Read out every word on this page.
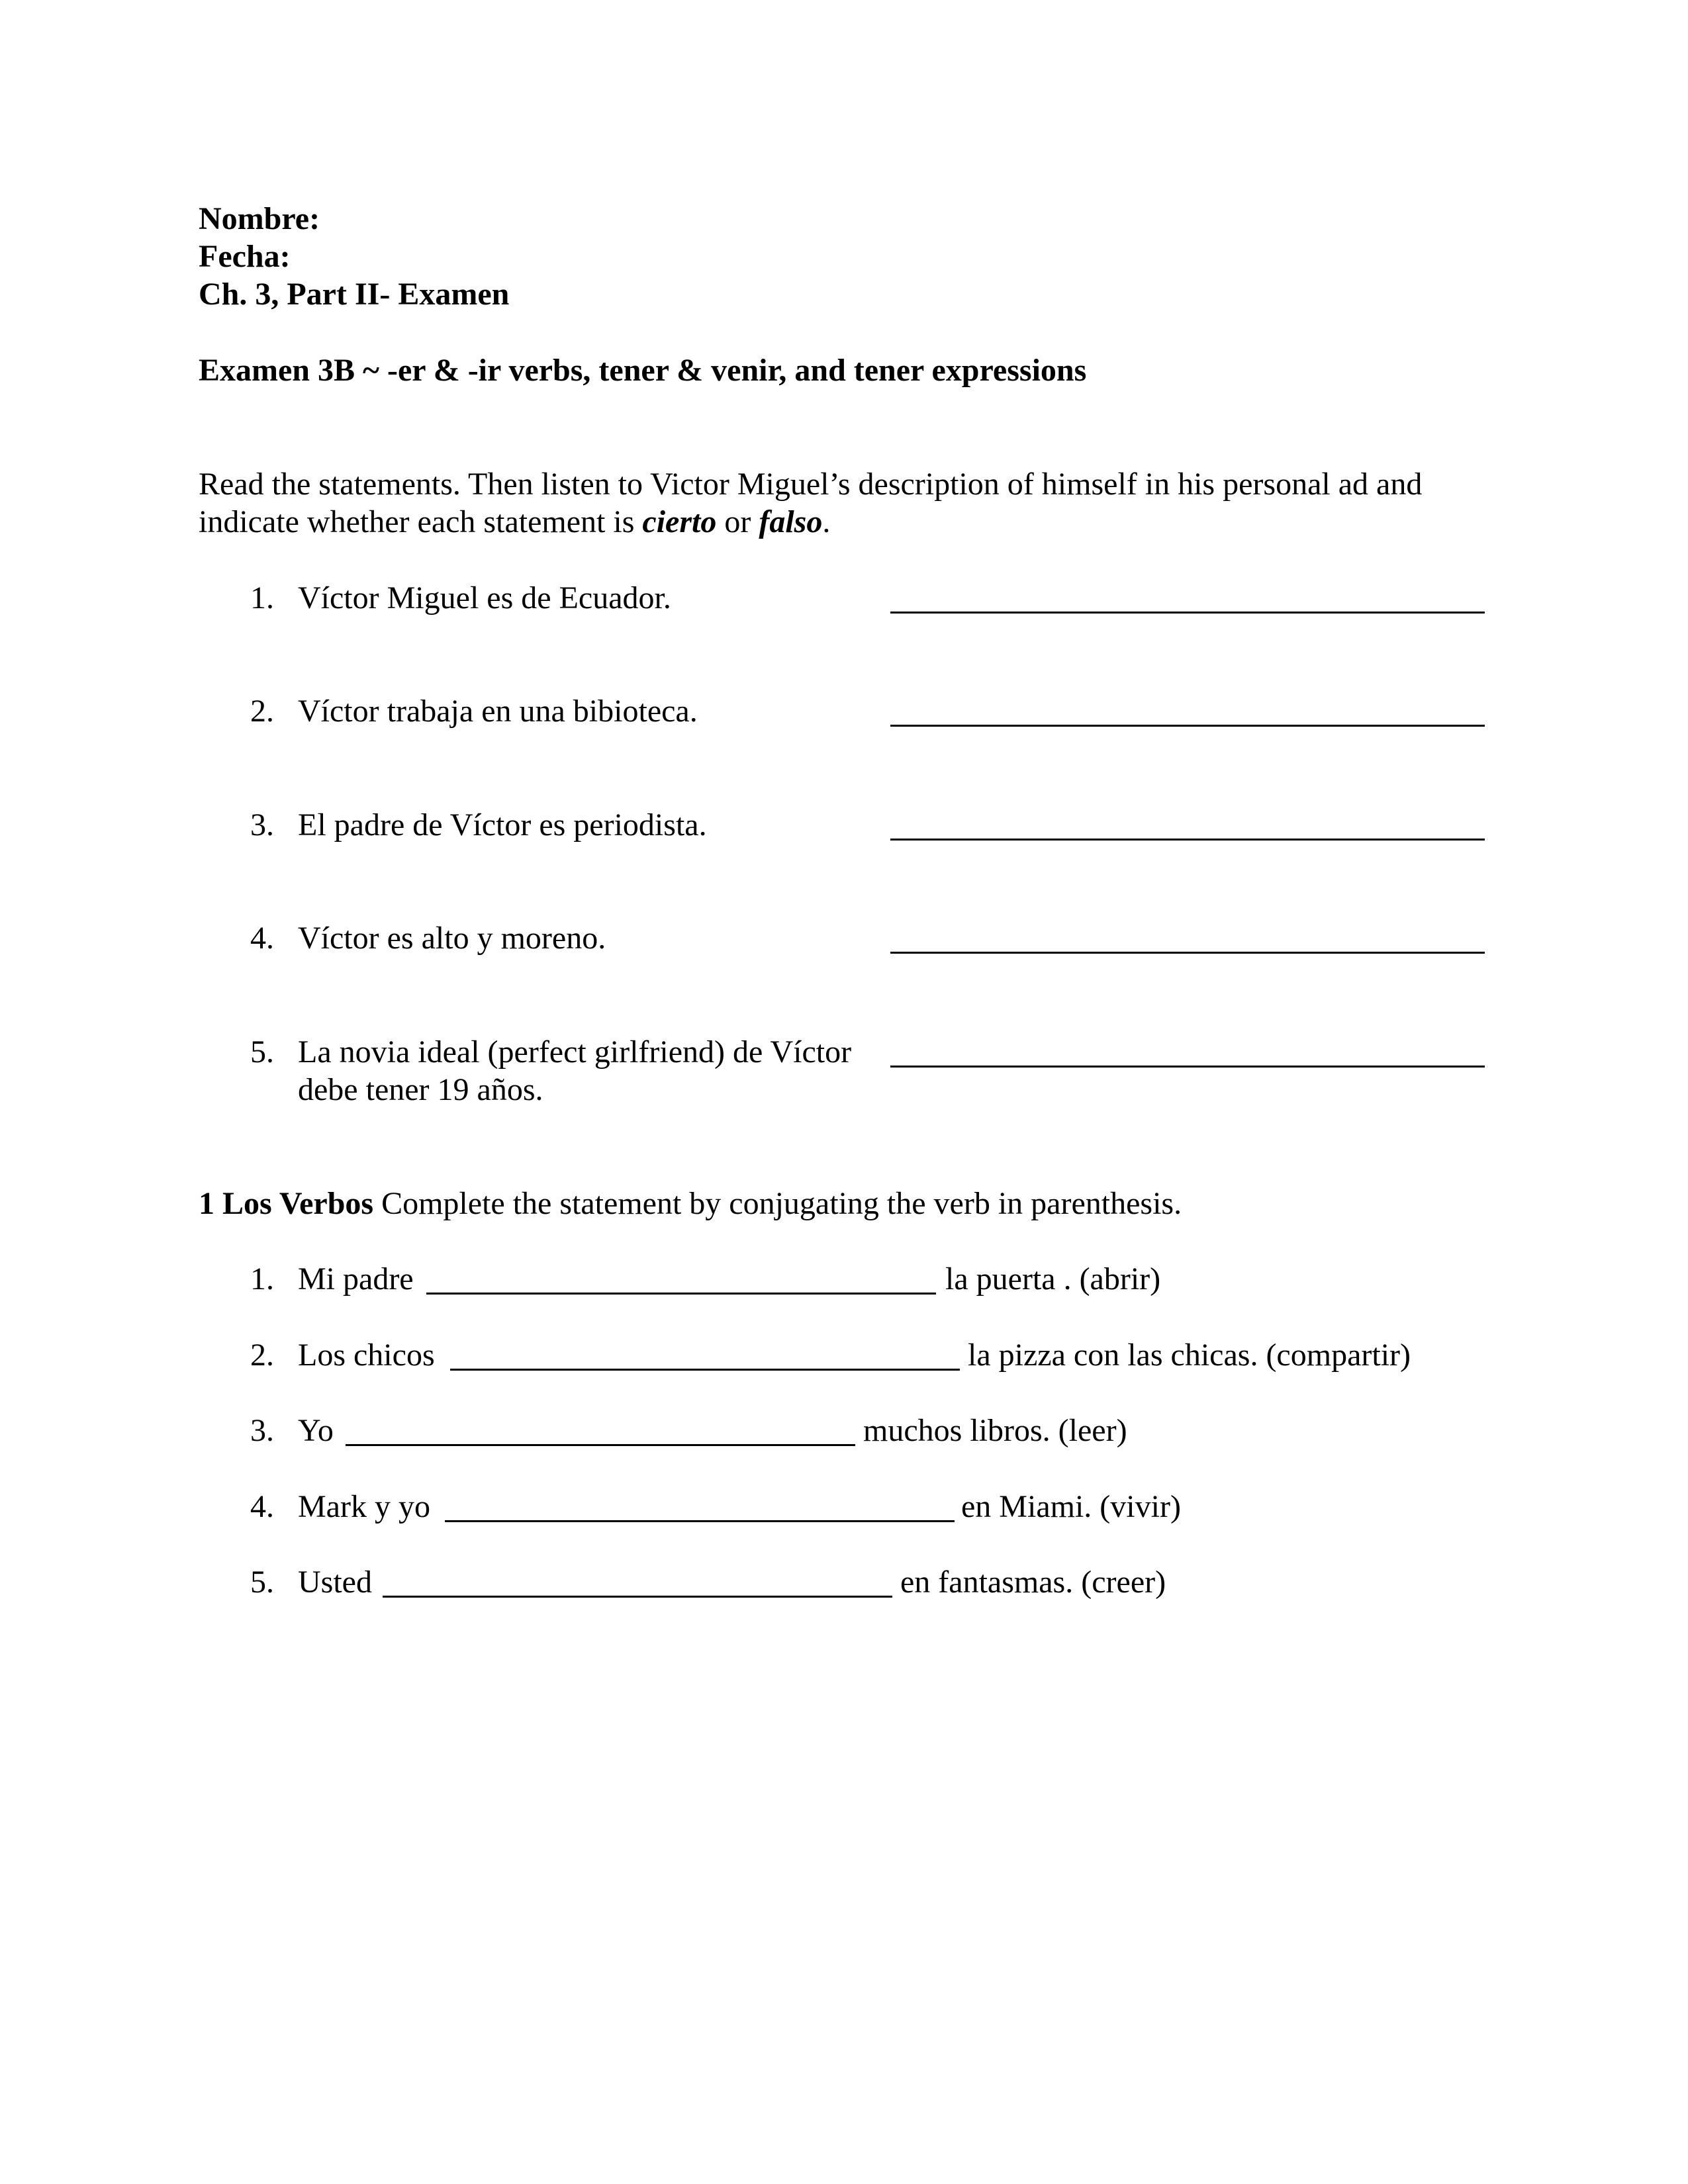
Nombre:
Fecha:
Ch. 3, Part II- Examen
Examen 3B ~ -er & -ir verbs, tener & venir, and tener expressions
Read the statements. Then listen to Victor Miguel’s description of himself in his personal ad and
indicate whether each statement is cierto or falso.
1. Víctor Miguel es de Ecuador.
2. Víctor trabaja en una bibioteca.
3. El padre de Víctor es periodista.
4. Víctor es alto y moreno.
5. La novia ideal (perfect girlfriend) de Víctor
debe tener 19 años.
1 Los Verbos Complete the statement by conjugating the verb in parenthesis.
1. Mi padre	la puerta . (abrir)
2. Los chicos	la pizza con las chicas. (compartir)
3. Yo	muchos libros. (leer)
4. Mark y yo	en Miami. (vivir)
5. Usted	en fantasmas. (creer)
